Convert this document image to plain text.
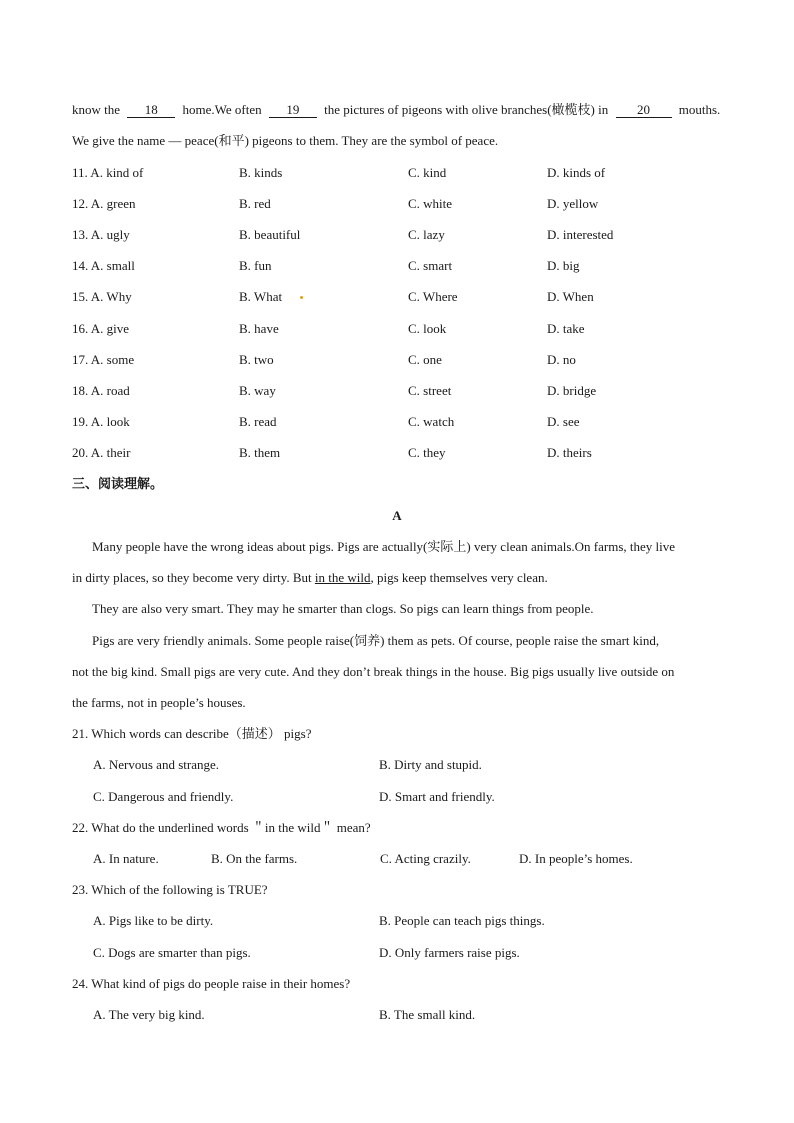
know the 18 home.We often 19 the pictures of pigeons with olive branches(橄榄枝) in 20 mouths.
We give the name — peace(和平) pigeons to them. They are the symbol of peace.
11. A. kind of	B. kinds	C. kind	D. kinds of
12. A. green	B. red	C. white	D. yellow
13. A. ugly	B. beautiful	C. lazy	D. interested
14. A. small	B. fun	C. smart	D. big
15. A. Why	B. What	C. Where	D. When
16. A. give	B. have	C. look	D. take
17. A. some	B. two	C. one	D. no
18. A. road	B. way	C. street	D. bridge
19. A. look	B. read	C. watch	D. see
20. A. their	B. them	C. they	D. theirs
三、阅读理解。
A
Many people have the wrong ideas about pigs. Pigs are actually(实际上) very clean animals.On farms, they live
in dirty places, so they become very dirty. But in the wild, pigs keep themselves very clean.
They are also very smart. They may he smarter than clogs. So pigs can learn things from people.
Pigs are very friendly animals. Some people raise(饲养) them as pets. Of course, people raise the smart kind,
not the big kind. Small pigs are very cute. And they don’t break things in the house. Big pigs usually live outside on
the farms, not in people’s houses.
21. Which words can describe（描述） pigs?
A. Nervous and strange.	B. Dirty and stupid.
C. Dangerous and friendly.	D. Smart and friendly.
22. What do the underlined words ＂in the wild＂ mean?
A. In nature.	B. On the farms.	C. Acting crazily.	D. In people’s homes.
23. Which of the following is TRUE?
A. Pigs like to be dirty.	B. People can teach pigs things.
C. Dogs are smarter than pigs.	D. Only farmers raise pigs.
24. What kind of pigs do people raise in their homes?
A. The very big kind.	B. The small kind.
